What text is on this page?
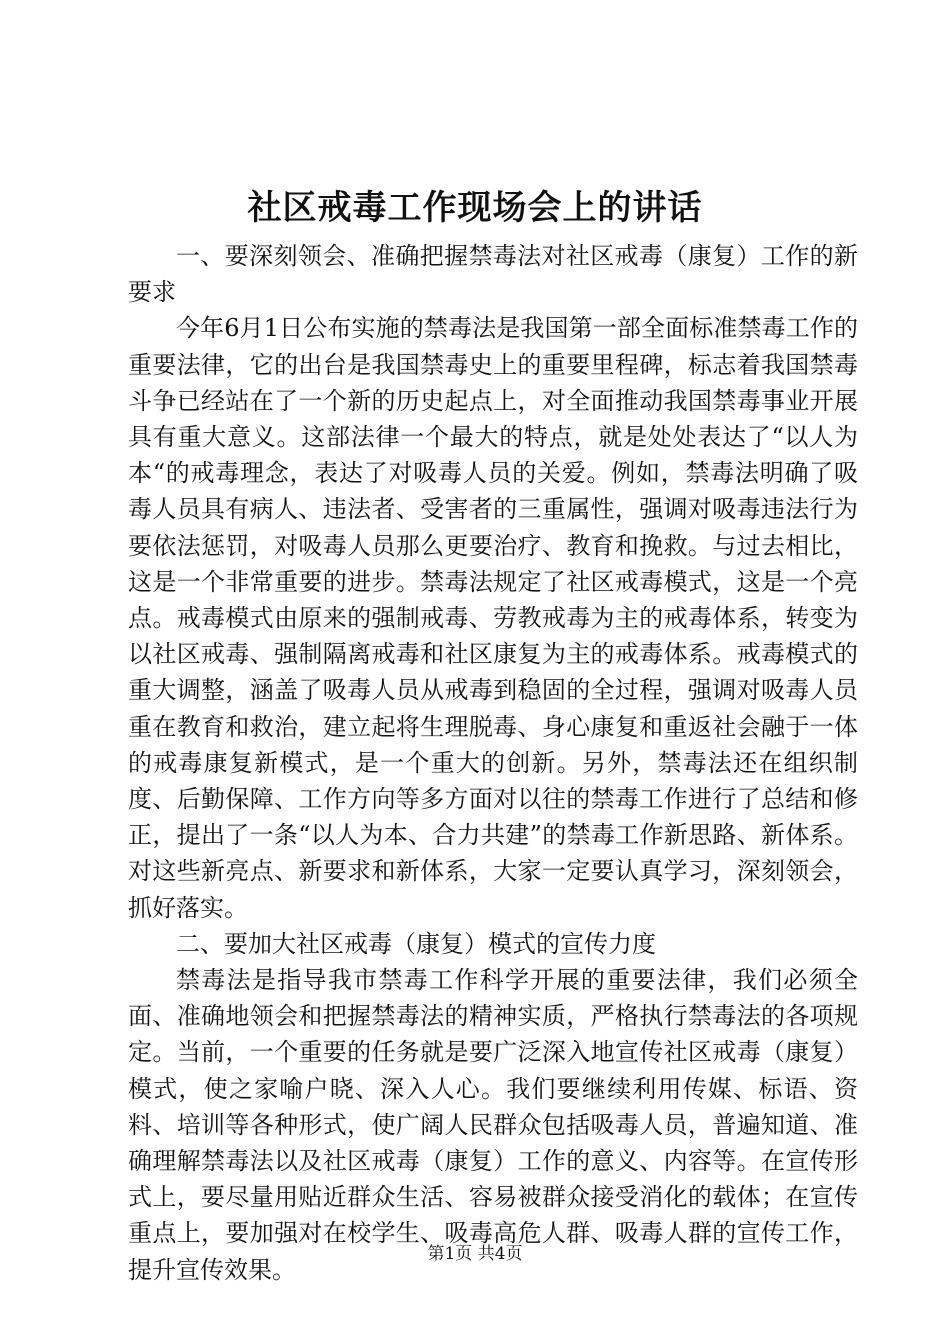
社区戒毒工作现场会上的讲话

一、要深刻领会、准确把握禁毒法对社区戒毒（康复）工作的新要求

今年6月1日公布实施的禁毒法是我国第一部全面标准禁毒工作的重要法律，它的出台是我国禁毒史上的重要里程碑，标志着我国禁毒斗争已经站在了一个新的历史起点上，对全面推动我国禁毒事业开展具有重大意义。这部法律一个最大的特点，就是处处表达了“以人为本“的戒毒理念，表达了对吸毒人员的关爱。例如，禁毒法明确了吸毒人员具有病人、违法者、受害者的三重属性，强调对吸毒违法行为要依法惩罚，对吸毒人员那么更要治疗、教育和挽救。与过去相比，这是一个非常重要的进步。禁毒法规定了社区戒毒模式，这是一个亮点。戒毒模式由原来的强制戒毒、劳教戒毒为主的戒毒体系，转变为以社区戒毒、强制隔离戒毒和社区康复为主的戒毒体系。戒毒模式的重大调整，涵盖了吸毒人员从戒毒到稳固的全过程，强调对吸毒人员重在教育和救治，建立起将生理脱毒、身心康复和重返社会融于一体的戒毒康复新模式，是一个重大的创新。另外，禁毒法还在组织制度、后勤保障、工作方向等多方面对以往的禁毒工作进行了总结和修正，提出了一条“以人为本、合力共建”的禁毒工作新思路、新体系。对这些新亮点、新要求和新体系，大家一定要认真学习，深刻领会，抓好落实。

二、要加大社区戒毒（康复）模式的宣传力度

禁毒法是指导我市禁毒工作科学开展的重要法律，我们必须全面、准确地领会和把握禁毒法的精神实质，严格执行禁毒法的各项规定。当前，一个重要的任务就是要广泛深入地宣传社区戒毒（康复）模式，使之家喻户晓、深入人心。我们要继续利用传媒、标语、资料、培训等各种形式，使广阔人民群众包括吸毒人员，普遍知道、准确理解禁毒法以及社区戒毒（康复）工作的意义、内容等。在宣传形式上，要尽量用贴近群众生活、容易被群众接受消化的载体；在宣传重点上，要加强对在校学生、吸毒高危人群、吸毒人群的宣传工作，提升宣传效果。

第1页 共4页
